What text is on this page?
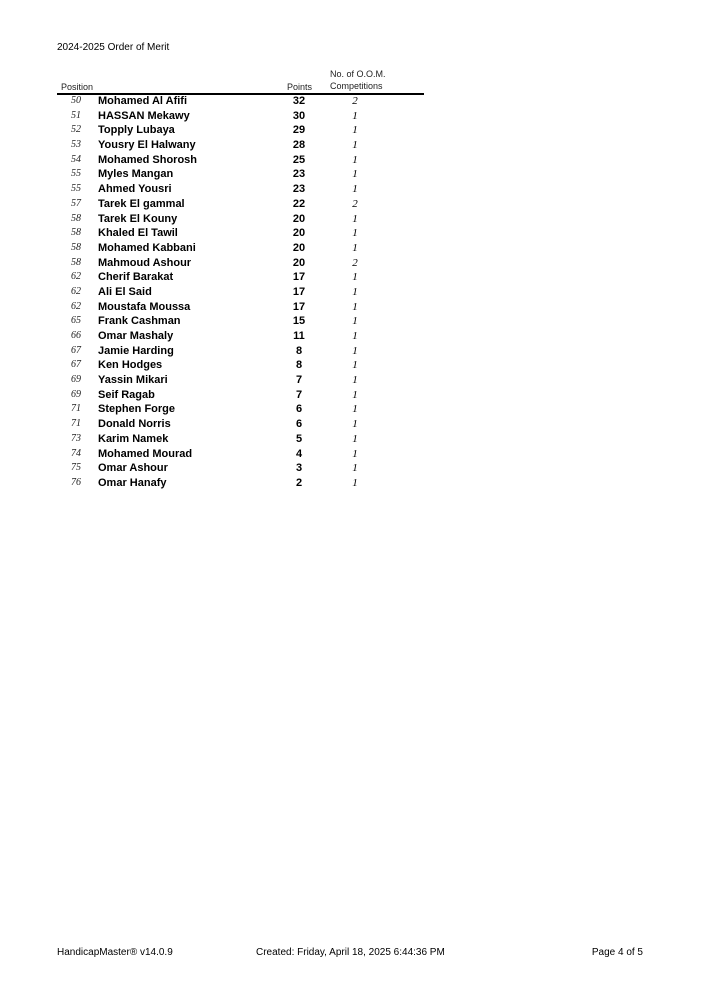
2024-2025 Order of Merit
Position	Points
No. of O.O.M.
Competitions
50 Mohamed Al Afifi	32	2
51 HASSAN Mekawy	30	1
52 Topply Lubaya	29	1
53 Yousry El Halwany	28	1
54 Mohamed Shorosh	25	1
55 Myles Mangan	23	1
55 Ahmed Yousri	23	1
57 Tarek El gammal	22	2
58 Tarek El Kouny	20	1
58 Khaled El Tawil	20	1
58 Mohamed Kabbani	20	1
58 Mahmoud Ashour	20	2
62 Cherif Barakat	17	1
62 Ali El Said	17	1
62 Moustafa Moussa	17	1
65 Frank Cashman	15	1
66 Omar Mashaly	11	1
67 Jamie Harding	8	1
67 Ken Hodges	8	1
69 Yassin Mikari	7	1
69 Seif Ragab	7	1
71 Stephen Forge	6	1
71 Donald Norris	6	1
73 Karim Namek	5	1
74 Mohamed Mourad	4	1
75 Omar Ashour	3	1
76 Omar Hanafy	2	1
HandicapMaster® v14.0.9	Created: Friday, April 18, 2025 6:44:36 PM	Page 4 of 5
